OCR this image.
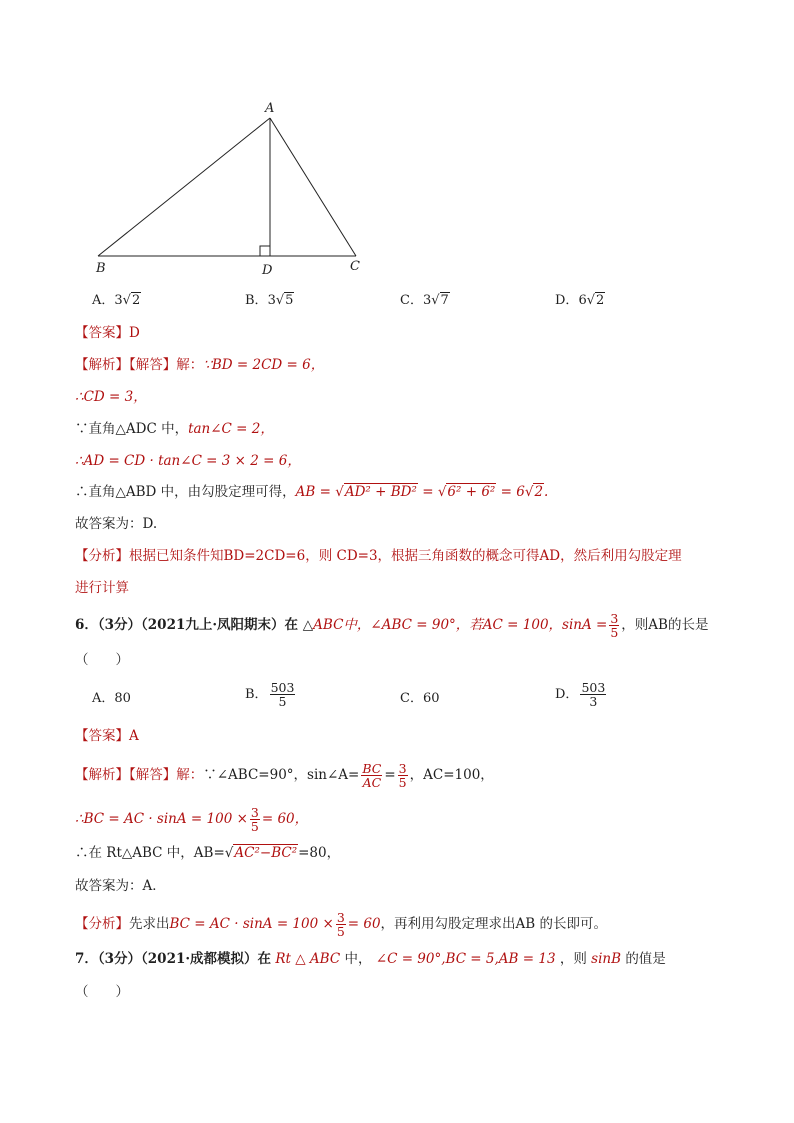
A
B	C
D
A．3√2	B．3√5	C．3√7	D．6√2
【答案】D
【解析】【解答】解：∵BD = 2CD = 6，
∴CD = 3，
∵直角△ADC 中，tan∠C = 2，
∴AD = CD · tan∠C = 3 × 2 = 6，
∴直角△ABD 中，由勾股定理可得，AB = √AD² + BD² = √6² + 6² = 6√2.
故答案为：D.
【分析】根据已知条件知BD=2CD=6，则 CD=3，根据三角函数的概念可得AD，然后利用勾股定理
进行计算
6．（3分）（2021九上·凤阳期末）在 △ABC中，∠ABC = 90°，若AC = 100，$\sin A = \frac{3}{5}$ ，则AB的长是
（　　）
A．80	B． $\frac{503}{5}$	C．60	D． $\frac{503}{3}$
【答案】A
【解析】【解答】解：∵∠ABC=90°，sin∠A= $\frac{BC}{AC} = \frac{3}{5}$ ，AC=100，
∴BC = AC · $\sin A = 100 \times \frac{3}{5} = 60$，
∴在 Rt△ABC 中，AB=√AC²−BC²=80，
故答案为：A．
【分析】先求出BC = AC · $\sin A = 100 \times \frac{3}{5} = 60$，再利用勾股定理求出AB 的长即可。
7．（3分）（2021·成都模拟）在 Rt △ ABC 中， ∠C = 90°,BC = 5,AB = 13 ，则 sinB 的值是
（　　）
